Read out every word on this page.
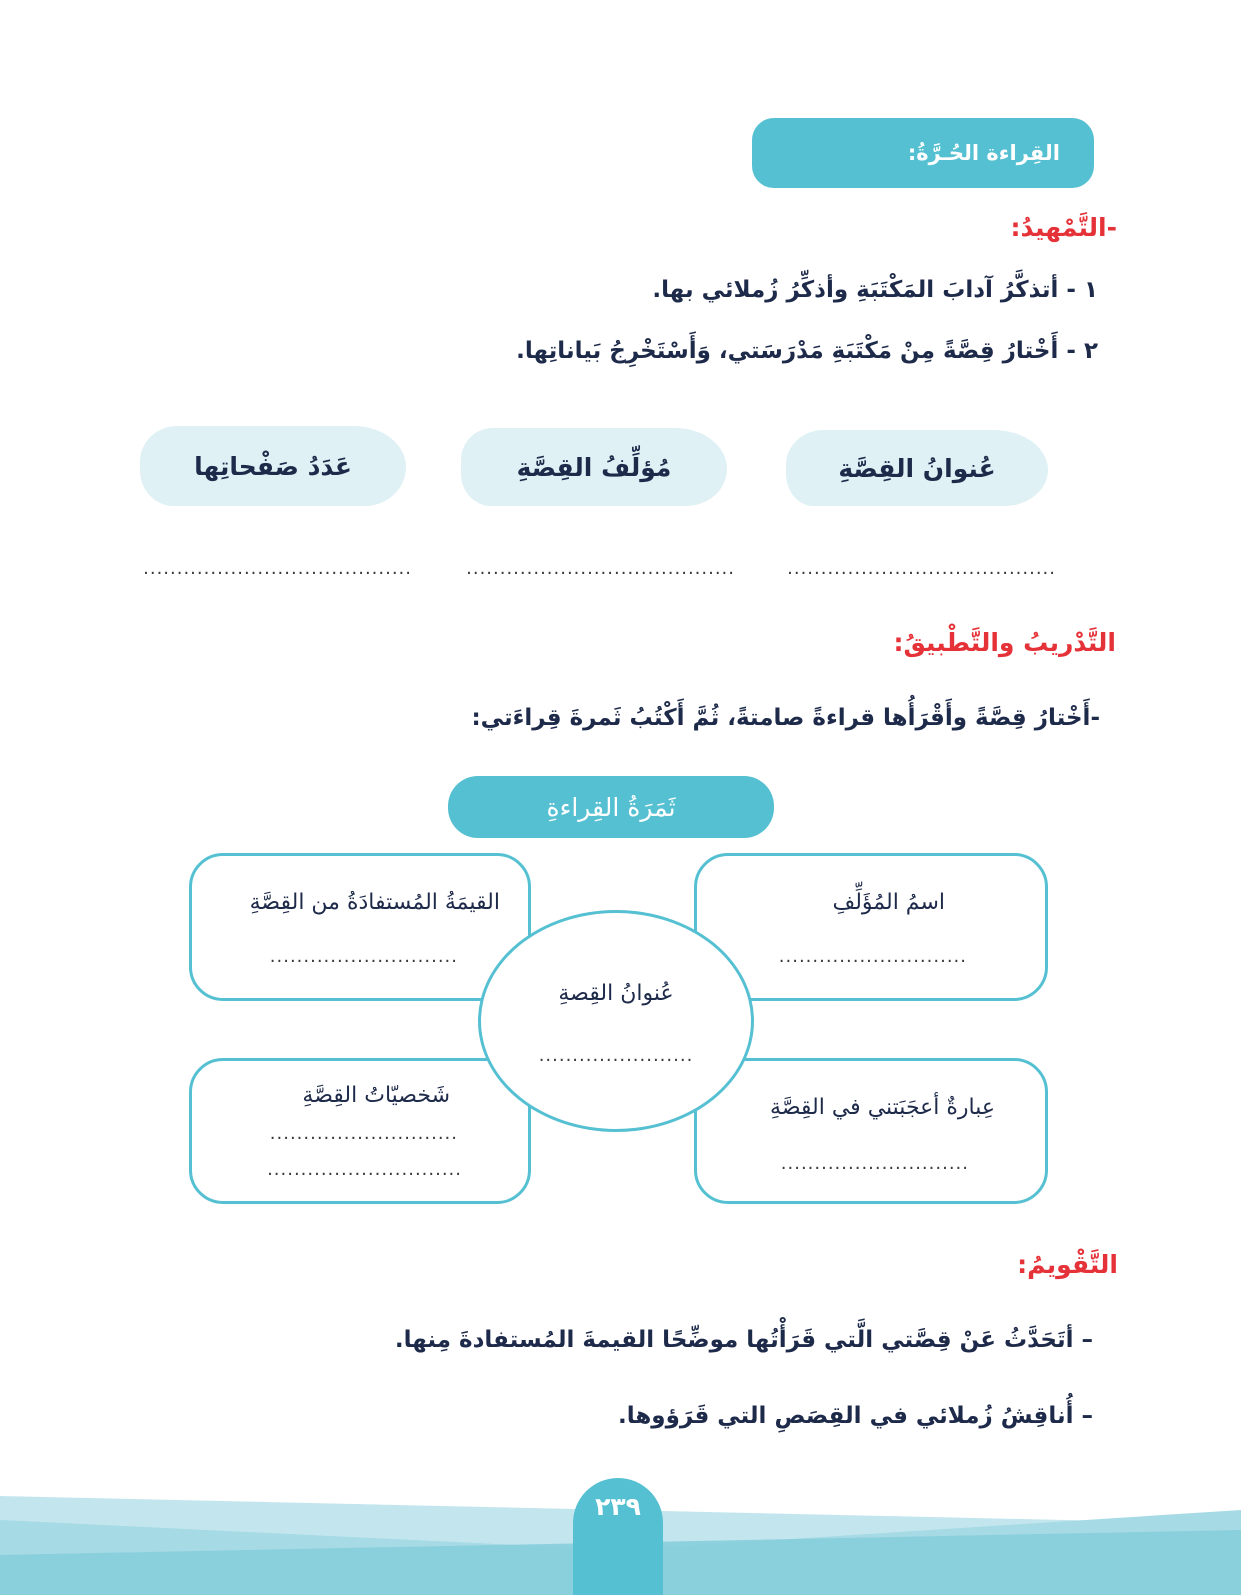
٢٣٩
القِراءة الحُـرَّةُ:
-التَّمْهيدُ:
١ - أتذكَّرُ آدابَ المَكْتَبَةِ وأذكِّرُ زُملائي بها.
٢ - أَخْتارُ قِصَّةً مِنْ مَكْتَبَةِ مَدْرَسَتي، وَأَسْتَخْرِجُ بَياناتِها.
عُنوانُ القِصَّةِ
مُؤلِّفُ القِصَّةِ
عَدَدُ صَفْحاتِها
........................................
........................................
........................................
التَّدْريبُ والتَّطْبيقُ:
-أَخْتارُ قِصَّةً وأَقْرَأُها قراءةً صامتةً، ثُمَّ أَكْتُبُ ثَمرةَ قِراءَتي:
ثَمَرَةُ القِراءةِ
اسمُ المُؤَلِّفِ
............................
القيمَةُ المُستفادَةُ من القِصَّةِ
............................
عِبارةٌ أعجَبَتني في القِصَّةِ
............................
شَخصيّاتُ القِصَّةِ
............................
.............................
عُنوانُ القِصةِ
.......................
التَّقْويمُ:
– أتَحَدَّثُ عَنْ قِصَّتي الَّتي قَرَأْتُها موضِّحًا القيمةَ المُستفادةَ مِنها.
– أُناقِشُ زُملائي في القِصَصِ التي قَرَؤوها.
